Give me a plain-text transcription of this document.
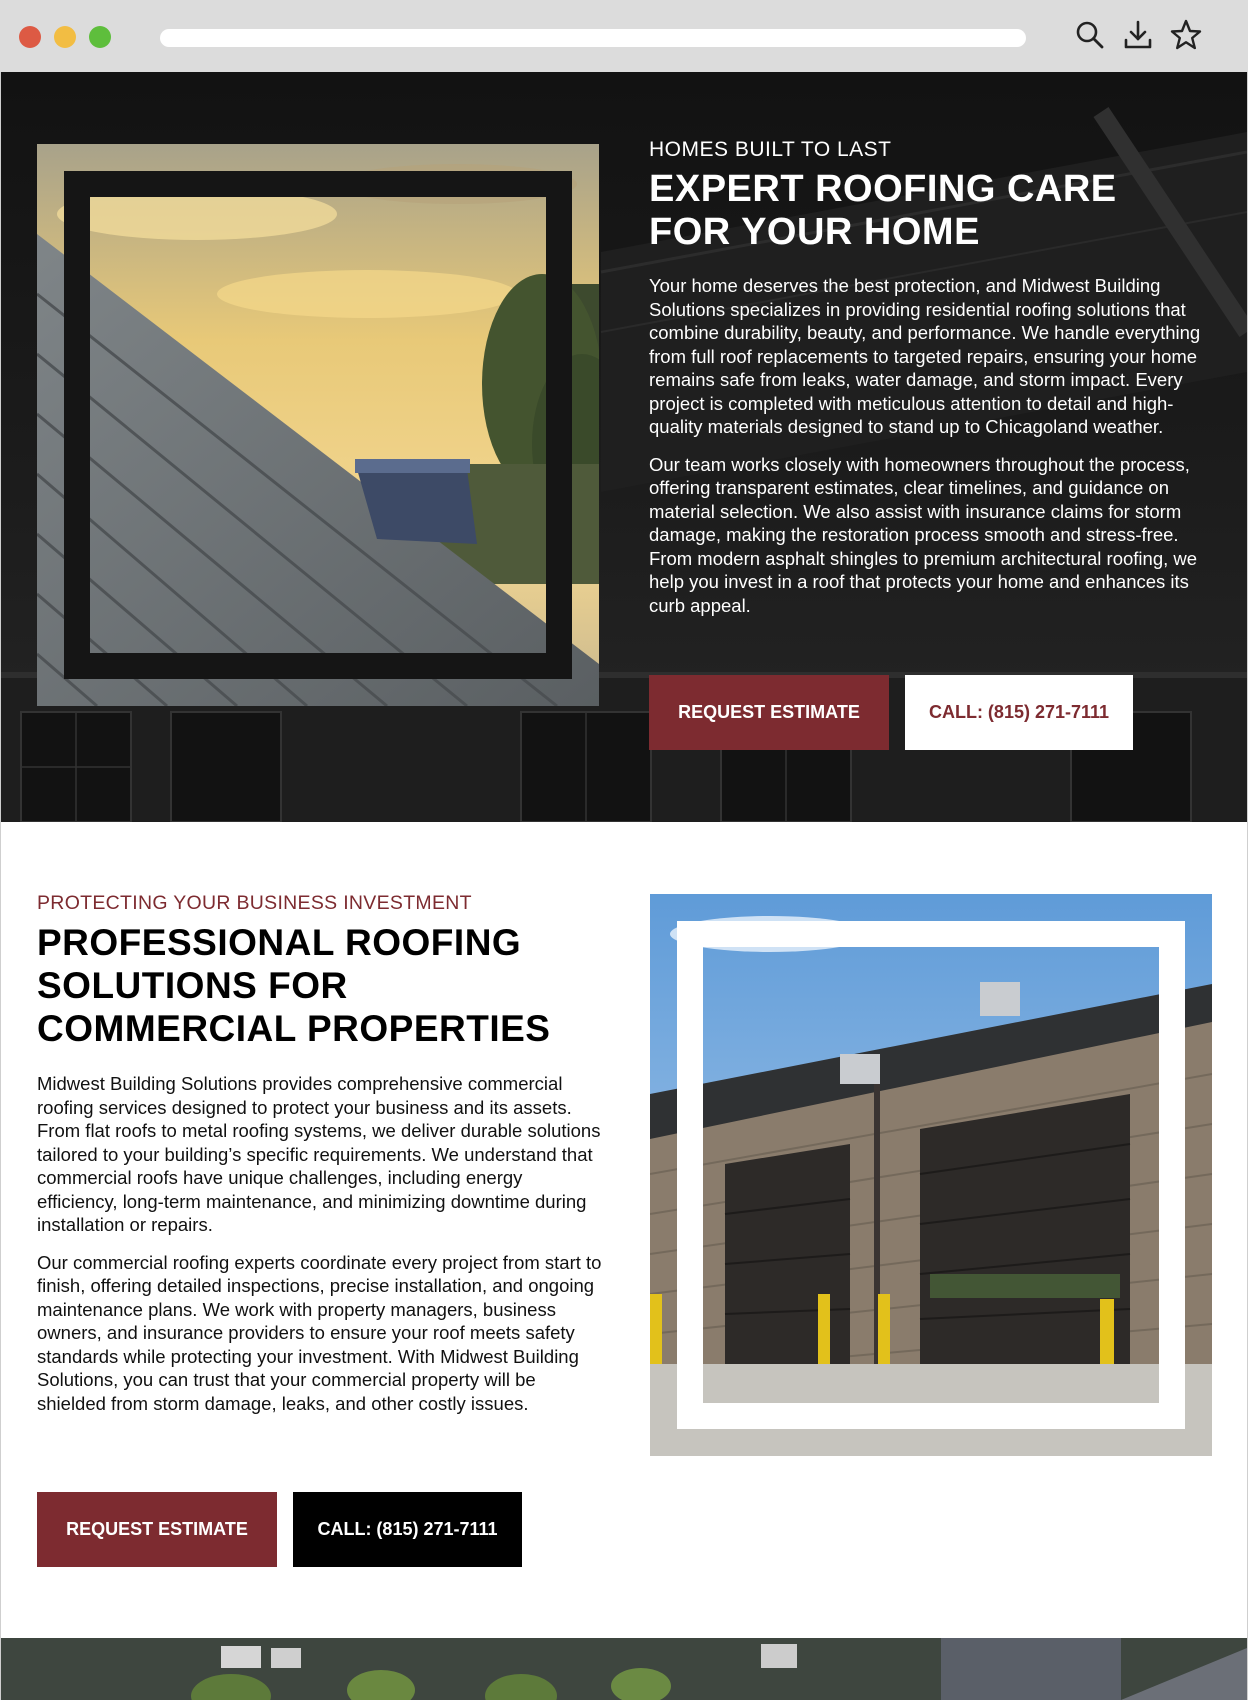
HOMES BUILT TO LAST

EXPERT ROOFING CARE FOR YOUR HOME

Your home deserves the best protection, and Midwest Building Solutions specializes in providing residential roofing solutions that combine durability, beauty, and performance. We handle everything from full roof replacements to targeted repairs, ensuring your home remains safe from leaks, water damage, and storm impact. Every project is completed with meticulous attention to detail and high-quality materials designed to stand up to Chicagoland weather.

Our team works closely with homeowners throughout the process, offering transparent estimates, clear timelines, and guidance on material selection. We also assist with insurance claims for storm damage, making the restoration process smooth and stress-free. From modern asphalt shingles to premium architectural roofing, we help you invest in a roof that protects your home and enhances its curb appeal.

REQUEST ESTIMATE	CALL: (815) 271-7111

PROTECTING YOUR BUSINESS INVESTMENT

PROFESSIONAL ROOFING SOLUTIONS FOR COMMERCIAL PROPERTIES

Midwest Building Solutions provides comprehensive commercial roofing services designed to protect your business and its assets. From flat roofs to metal roofing systems, we deliver durable solutions tailored to your building’s specific requirements. We understand that commercial roofs have unique challenges, including energy efficiency, long-term maintenance, and minimizing downtime during installation or repairs.

Our commercial roofing experts coordinate every project from start to finish, offering detailed inspections, precise installation, and ongoing maintenance plans. We work with property managers, business owners, and insurance providers to ensure your roof meets safety standards while protecting your investment. With Midwest Building Solutions, you can trust that your commercial property will be shielded from storm damage, leaks, and other costly issues.

REQUEST ESTIMATE	CALL: (815) 271-7111
